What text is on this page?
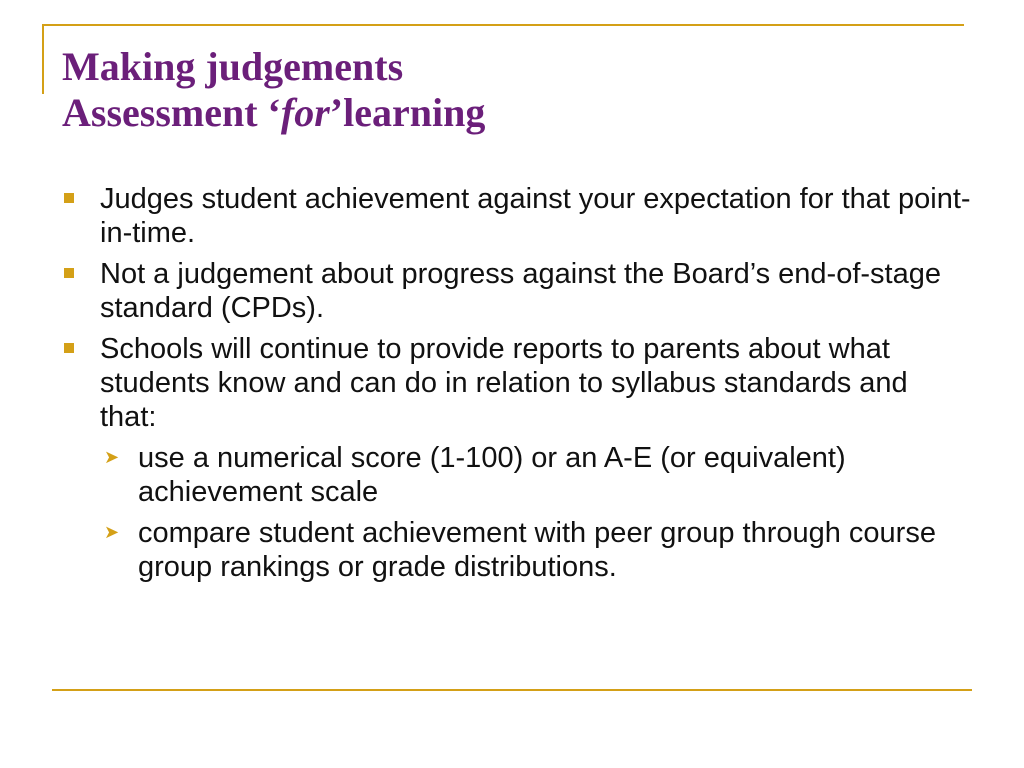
Making judgements
Assessment ‘for’learning
Judges student achievement against your expectation for that point-in-time.
Not a judgement about progress against the Board’s end-of-stage standard (CPDs).
Schools will continue to provide reports to parents about what students know and can do in relation to syllabus standards and that:
➤ use a numerical score (1-100) or an A-E (or equivalent) achievement scale
➤ compare student achievement with peer group through course group rankings or grade distributions.
